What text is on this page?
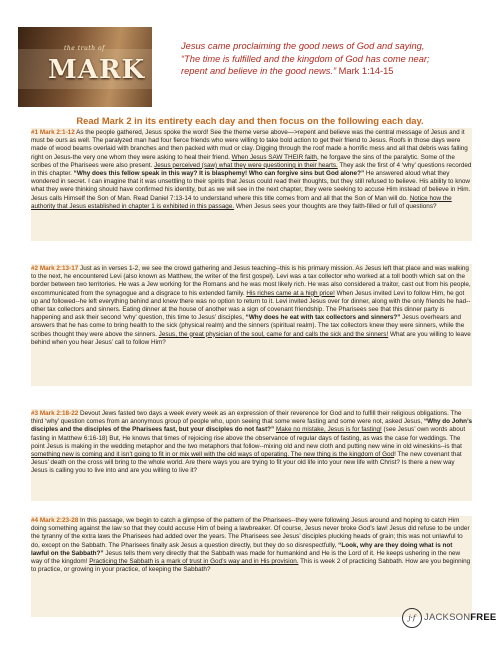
the truth of
MARK
Jesus came proclaiming the good news of God and saying,
“The time is fulfilled and the kingdom of God has come near;
repent and believe in the good news.” Mark 1:14-15
Read Mark 2 in its entirety each day and then focus on the following each day.

#1 Mark 2:1-12 As the people gathered, Jesus spoke the word! See the theme verse above—>repent and believe was the central message of Jesus and it must be ours as well. The paralyzed man had four fierce friends who were willing to take bold action to get their friend to Jesus. Roofs in those days were made of wood beams overlaid with branches and then packed with mud or clay. Digging through the roof made a horrific mess and all that debris was falling right on Jesus-the very one whom they were asking to heal their friend. When Jesus SAW THEIR faith, he forgave the sins of the paralytic. Some of the scribes of the Pharisees were also present. Jesus perceived (saw) what they were questioning in their hearts. They ask the first of 4 ‘why’ questions recorded in this chapter. “Why does this fellow speak in this way? It is blasphemy! Who can forgive sins but God alone?” He answered aloud what they wondered in secret. I can imagine that it was unsettling to their spirits that Jesus could read their thoughts, but they still refused to believe. His ability to know what they were thinking should have confirmed his identity, but as we will see in the next chapter, they were seeking to accuse Him instead of believe in Him. Jesus calls Himself the Son of Man. Read Daniel 7:13-14 to understand where this title comes from and all that the Son of Man will do. Notice how the authority that Jesus established in chapter 1 is exhibited in this passage. When Jesus sees your thoughts are they faith-filled or full of questions?

#2 Mark 2:13-17 Just as in verses 1-2, we see the crowd gathering and Jesus teaching--this is his primary mission. As Jesus left that place and was walking to the next, he encountered Levi (also known as Matthew, the writer of the first gospel). Levi was a tax collector who worked at a toll booth which sat on the border between two territories. He was a Jew working for the Romans and he was most likely rich. He was also considered a traitor, cast out from his people, excommunicated from the synagogue and a disgrace to his extended family. His riches came at a high price! When Jesus invited Levi to follow Him, he got up and followed--he left everything behind and knew there was no option to return to it. Levi invited Jesus over for dinner, along with the only friends he had--other tax collectors and sinners. Eating dinner at the house of another was a sign of covenant friendship. The Pharisees see that this dinner party is happening and ask their second ‘why’ question, this time to Jesus’ disciples, “Why does he eat with tax collectors and sinners?” Jesus overhears and answers that he has come to bring health to the sick (physical realm) and the sinners (spiritual realm). The tax collectors knew they were sinners, while the scribes thought they were above the sinners. Jesus, the great physician of the soul, came for and calls the sick and the sinners! What are you willing to leave behind when you hear Jesus’ call to follow Him?

#3 Mark 2:18-22 Devout Jews fasted two days a week every week as an expression of their reverence for God and to fulfill their religious obligations. The third ‘why’ question comes from an anonymous group of people who, upon seeing that some were fasting and some were not, asked Jesus, “Why do John’s disciples and the disciples of the Pharisees fast, but your disciples do not fast?” Make no mistake, Jesus is for fasting! (see Jesus’ own words about fasting in Matthew 6:16-18) But, He knows that times of rejoicing rise above the observance of regular days of fasting, as was the case for weddings. The point Jesus is making in the wedding metaphor and the two metaphors that follow--mixing old and new cloth and putting new wine in old wineskins--is that something new is coming and it isn’t going to fit in or mix well with the old ways of operating. The new thing is the kingdom of God! The new covenant that Jesus’ death on the cross will bring to the whole world. Are there ways you are trying to fit your old life into your new life with Christ? Is there a new way Jesus is calling you to live into and are you willing to live it?

#4 Mark 2:23-28 In this passage, we begin to catch a glimpse of the pattern of the Pharisees--they were following Jesus around and hoping to catch Him doing something against the law so that they could accuse Him of being a lawbreaker. Of course, Jesus never broke God’s law! Jesus did refuse to be under the tyranny of the extra laws the Pharisees had added over the years. The Pharisees see Jesus’ disciples plucking heads of grain; this was not unlawful to do, except on the Sabbath. The Pharisees finally ask Jesus a question directly, but they do so disrespectfully, “Look, why are they doing what is not lawful on the Sabbath?” Jesus tells them very directly that the Sabbath was made for humankind and He is the Lord of it. He keeps ushering in the new way of the kingdom! Practicing the Sabbath is a mark of trust in God’s way and in His provision. This is week 2 of practicing Sabbath. How are you beginning to practice, or growing in your practice, of keeping the Sabbath?

j·f JACKSONFREE
